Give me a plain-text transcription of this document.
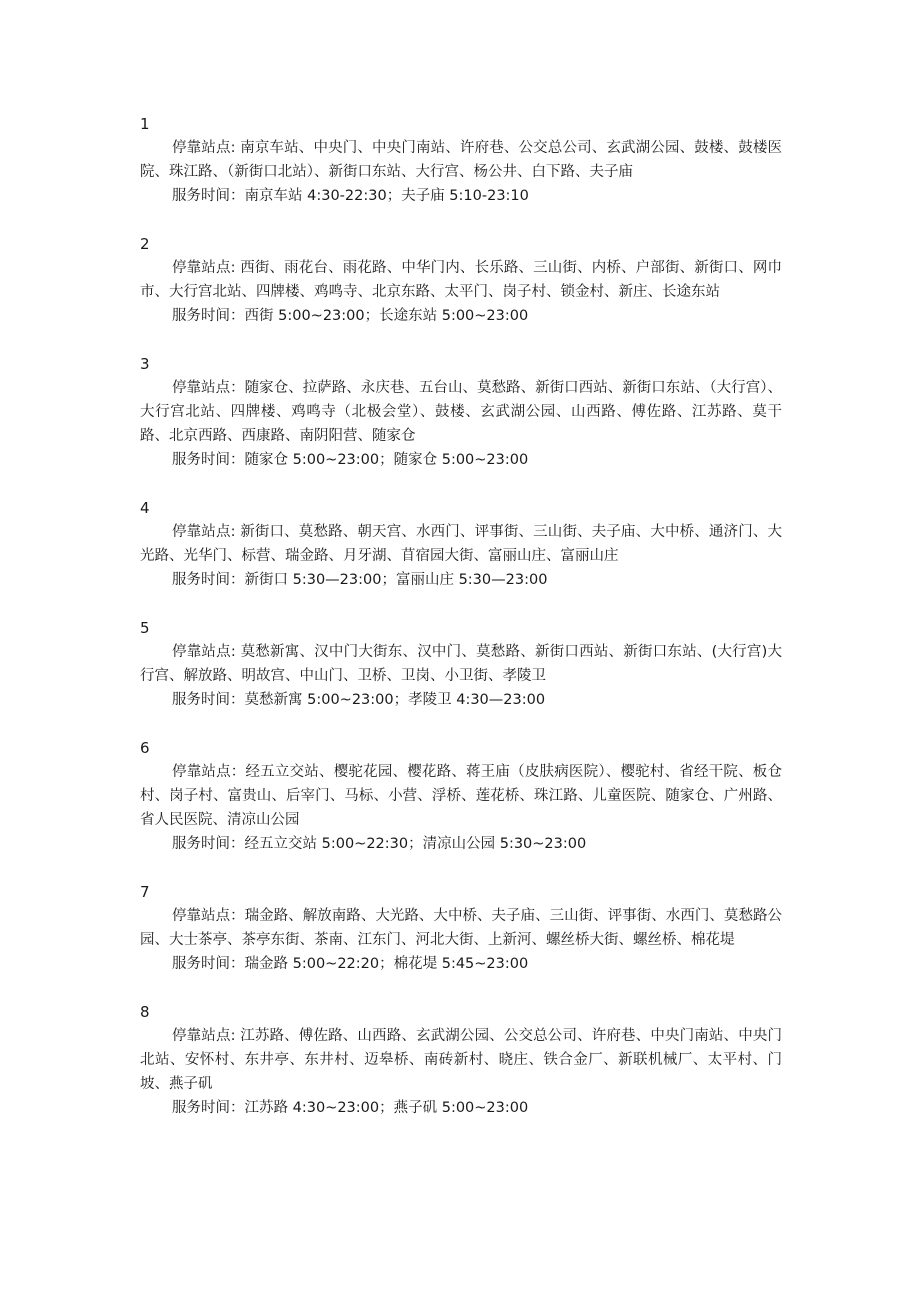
1

停靠站点: 南京车站、中央门、中央门南站、许府巷、公交总公司、玄武湖公园、鼓楼、鼓楼医院、珠江路、（新街口北站）、新街口东站、大行宫、杨公井、白下路、夫子庙

服务时间：南京车站 4:30-22:30；夫子庙 5:10-23:10

2

停靠站点: 西街、雨花台、雨花路、中华门内、长乐路、三山街、内桥、户部街、新街口、网巾市、大行宫北站、四牌楼、鸡鸣寺、北京东路、太平门、岗子村、锁金村、新庄、长途东站

服务时间：西街 5:00~23:00；长途东站 5:00~23:00

3

停靠站点：随家仓、拉萨路、永庆巷、五台山、莫愁路、新街口西站、新街口东站、（大行宫）、大行宫北站、四牌楼、鸡鸣寺（北极会堂）、鼓楼、玄武湖公园、山西路、傅佐路、江苏路、莫干路、北京西路、西康路、南阴阳营、随家仓

服务时间：随家仓 5:00~23:00；随家仓 5:00~23:00

4

停靠站点: 新街口、莫愁路、朝天宫、水西门、评事街、三山街、夫子庙、大中桥、通济门、大光路、光华门、标营、瑞金路、月牙湖、苜宿园大街、富丽山庄、富丽山庄

服务时间：新街口 5:30—23:00；富丽山庄 5:30—23:00

5

停靠站点: 莫愁新寓、汉中门大街东、汉中门、莫愁路、新街口西站、新街口东站、(大行宫)大行宫、解放路、明故宫、中山门、卫桥、卫岗、小卫街、孝陵卫

服务时间：莫愁新寓 5:00~23:00；孝陵卫 4:30—23:00

6

停靠站点：经五立交站、樱驼花园、樱花路、蒋王庙（皮肤病医院）、樱驼村、省经干院、板仓村、岗子村、富贵山、后宰门、马标、小营、浮桥、莲花桥、珠江路、儿童医院、随家仓、广州路、省人民医院、清凉山公园

服务时间：经五立交站 5:00~22:30；清凉山公园 5:30~23:00

7

停靠站点：瑞金路、解放南路、大光路、大中桥、夫子庙、三山街、评事街、水西门、莫愁路公园、大士茶亭、茶亭东街、茶南、江东门、河北大街、上新河、螺丝桥大街、螺丝桥、棉花堤

服务时间：瑞金路 5:00~22:20；棉花堤 5:45~23:00

8

停靠站点: 江苏路、傅佐路、山西路、玄武湖公园、公交总公司、许府巷、中央门南站、中央门北站、安怀村、东井亭、东井村、迈皋桥、南砖新村、晓庄、铁合金厂、新联机械厂、太平村、门坡、燕子矶

服务时间：江苏路 4:30~23:00；燕子矶 5:00~23:00
